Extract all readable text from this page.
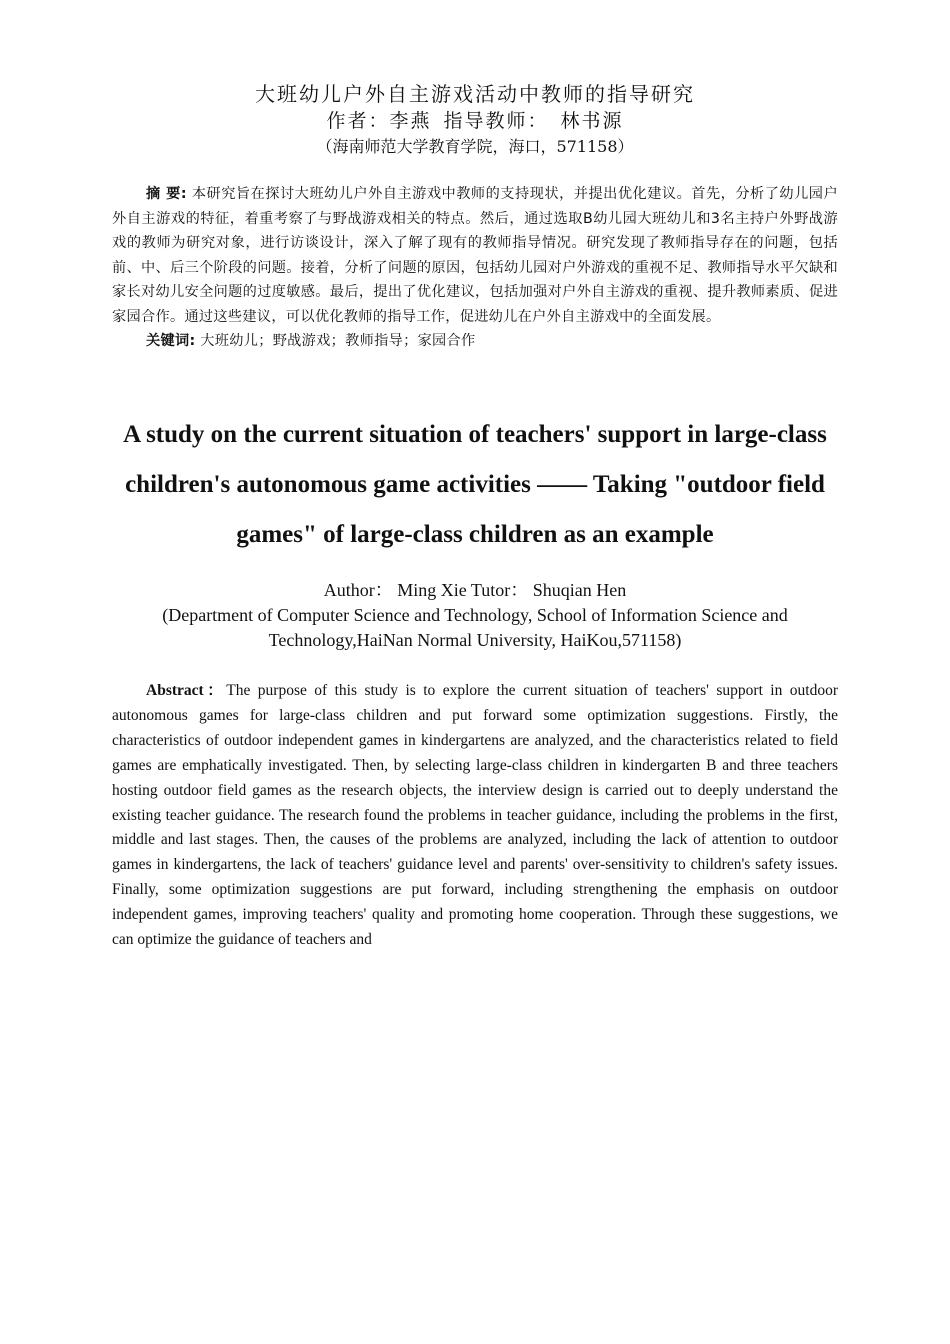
大班幼儿户外自主游戏活动中教师的指导研究

作者：李燕 指导教师： 林书源

（海南师范大学教育学院，海口，571158）

摘 要: 本研究旨在探讨大班幼儿户外自主游戏中教师的支持现状，并提出优化建议。首先，分析了幼儿园户外自主游戏的特征，着重考察了与野战游戏相关的特点。然后，通过选取B幼儿园大班幼儿和3名主持户外野战游戏的教师为研究对象，进行访谈设计，深入了解了现有的教师指导情况。研究发现了教师指导存在的问题，包括前、中、后三个阶段的问题。接着，分析了问题的原因，包括幼儿园对户外游戏的重视不足、教师指导水平欠缺和家长对幼儿安全问题的过度敏感。最后，提出了优化建议，包括加强对户外自主游戏的重视、提升教师素质、促进家园合作。通过这些建议，可以优化教师的指导工作，促进幼儿在户外自主游戏中的全面发展。

关键词: 大班幼儿；野战游戏；教师指导；家园合作

A study on the current situation of teachers' support in large-class children's autonomous game activities —— Taking "outdoor field games" of large-class children as an example

Author： Ming Xie Tutor： Shuqian Hen

(Department of Computer Science and Technology, School of Information Science and Technology,HaiNan Normal University, HaiKou,571158)

Abstract：The purpose of this study is to explore the current situation of teachers' support in outdoor autonomous games for large-class children and put forward some optimization suggestions. Firstly, the characteristics of outdoor independent games in kindergartens are analyzed, and the characteristics related to field games are emphatically investigated. Then, by selecting large-class children in kindergarten B and three teachers hosting outdoor field games as the research objects, the interview design is carried out to deeply understand the existing teacher guidance. The research found the problems in teacher guidance, including the problems in the first, middle and last stages. Then, the causes of the problems are analyzed, including the lack of attention to outdoor games in kindergartens, the lack of teachers' guidance level and parents' over-sensitivity to children's safety issues. Finally, some optimization suggestions are put forward, including strengthening the emphasis on outdoor independent games, improving teachers' quality and promoting home cooperation. Through these suggestions, we can optimize the guidance of teachers and
